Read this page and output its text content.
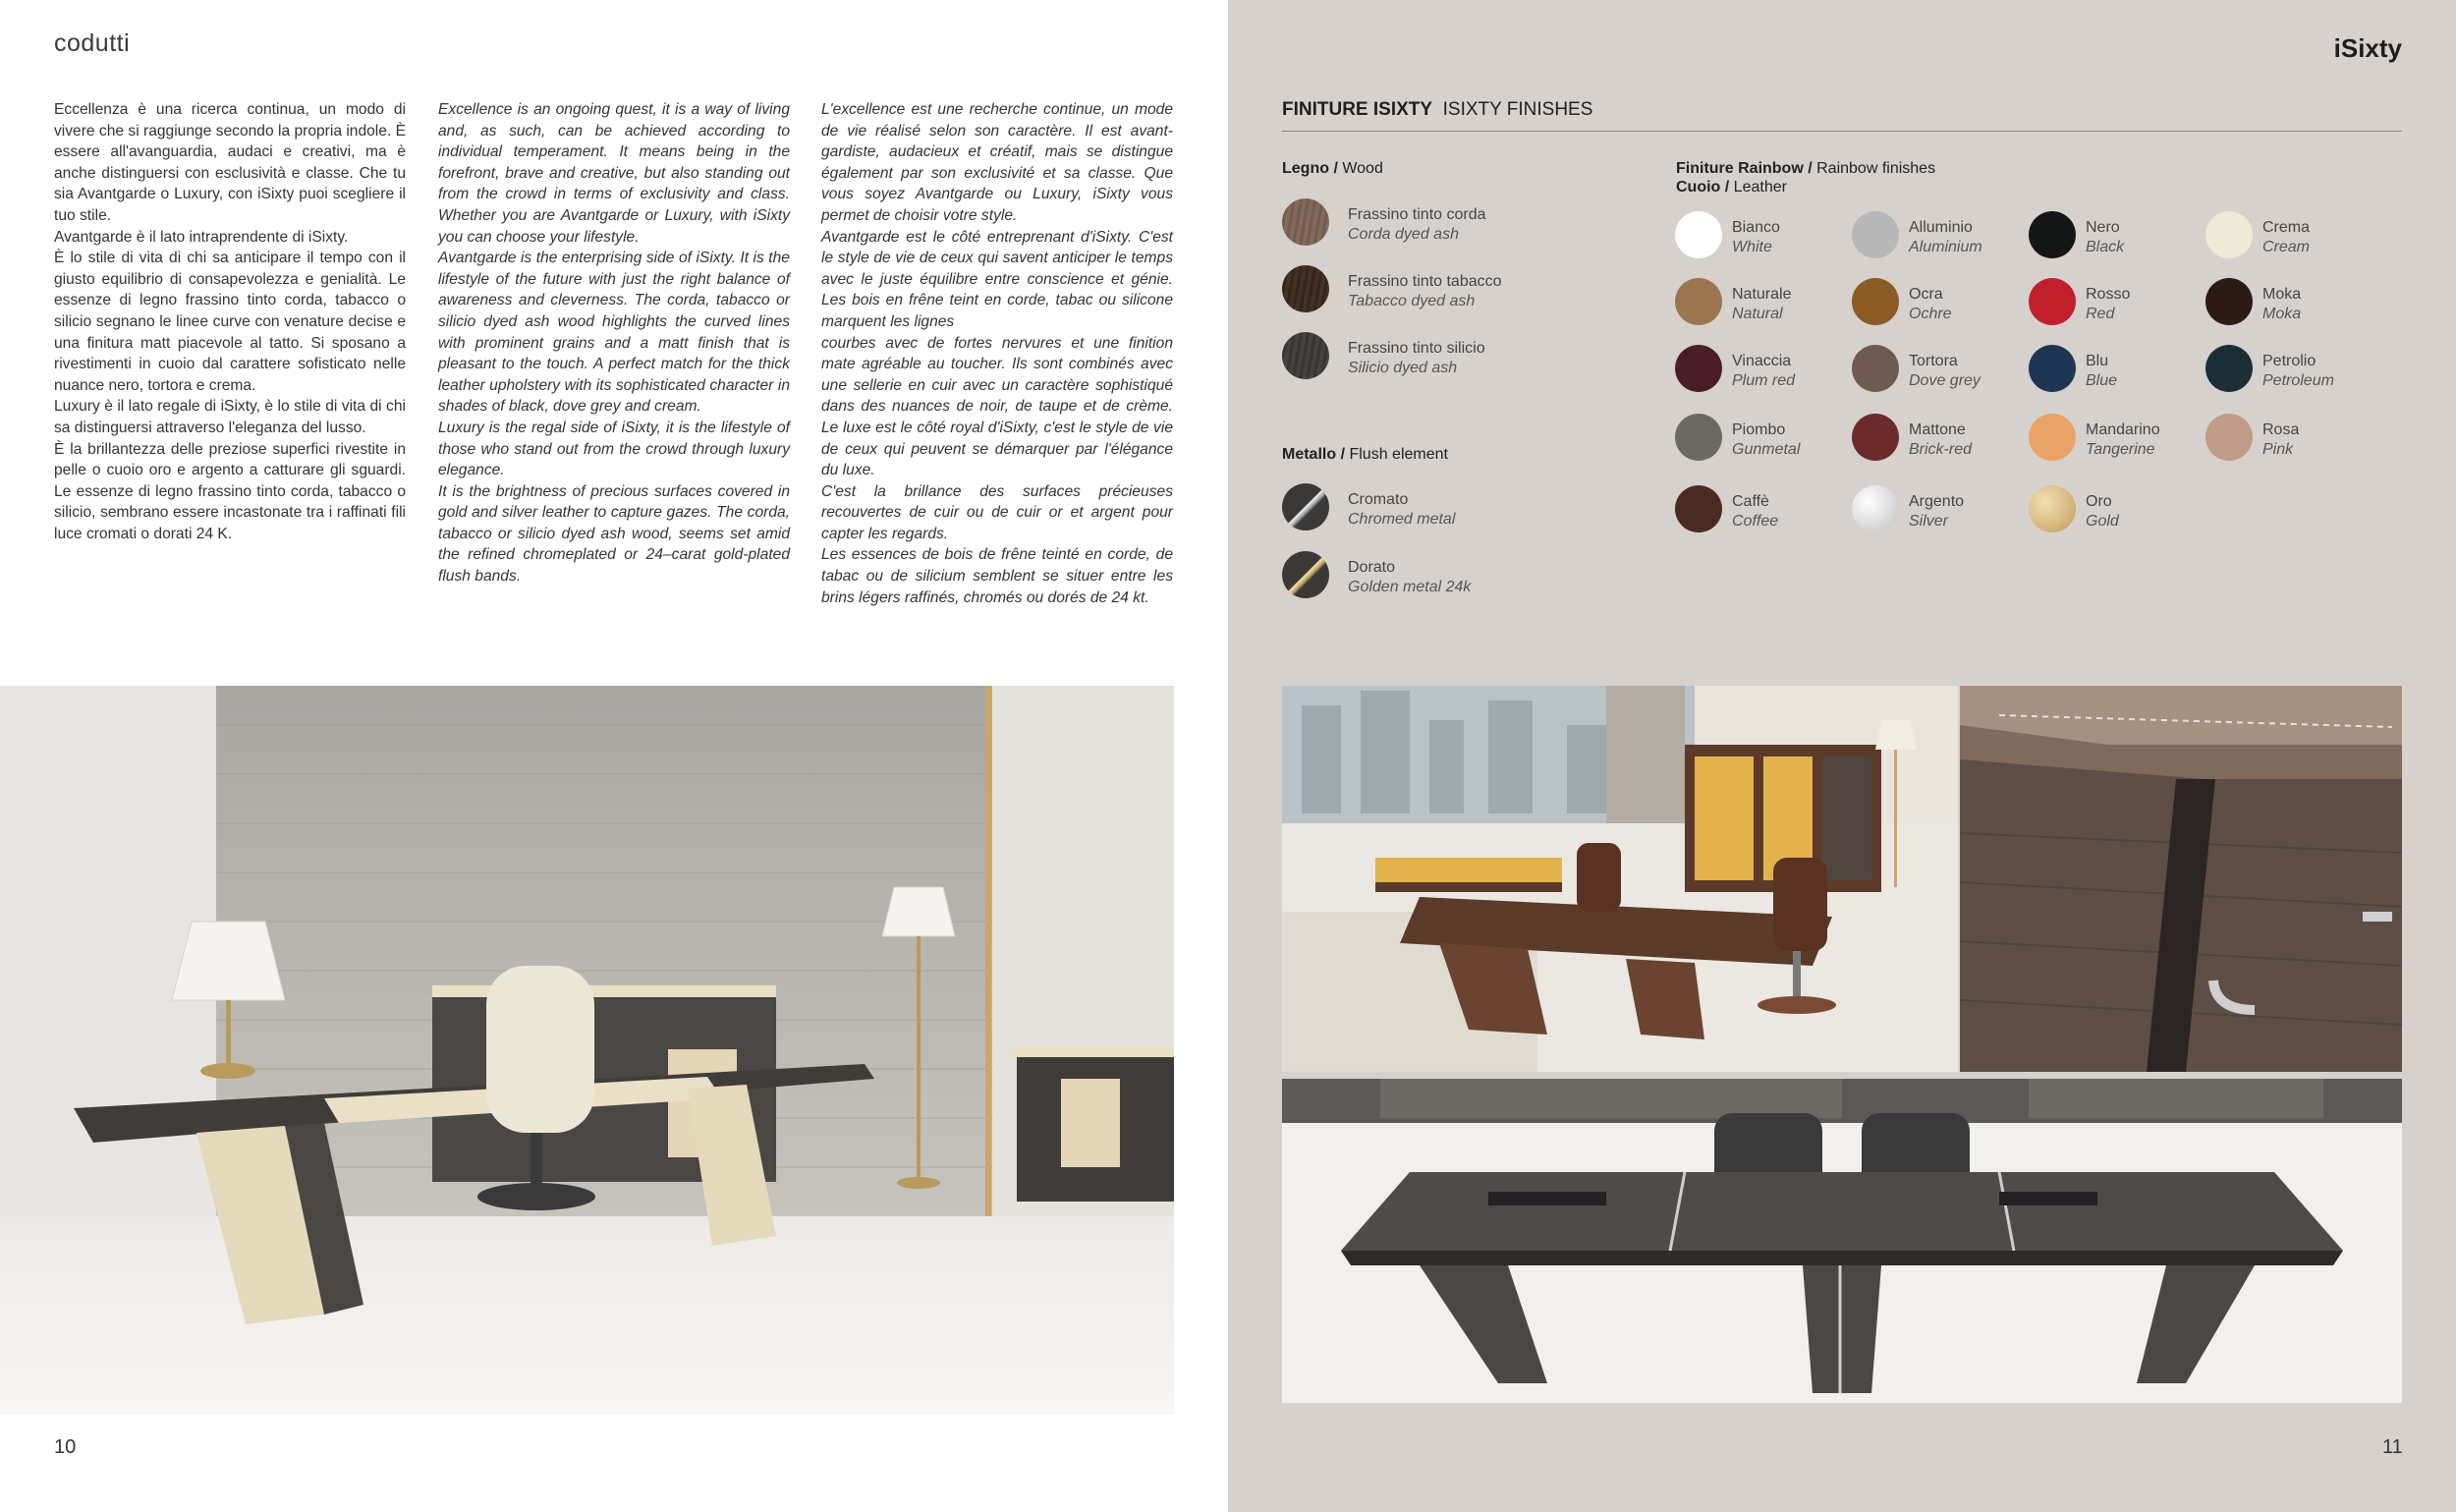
codutti

Eccellenza è una ricerca continua, un modo di vivere che si raggiunge secondo la propria indole. È essere all'avanguardia, audaci e creativi, ma è anche distinguersi con esclusività e classe. Che tu sia Avantgarde o Luxury, con iSixty puoi scegliere il tuo stile.

Avantgarde è il lato intraprendente di iSixty.

È lo stile di vita di chi sa anticipare il tempo con il giusto equilibrio di consapevolezza e genialità. Le essenze di legno frassino tinto corda, tabacco o silicio segnano le linee curve con venature decise e una finitura matt piacevole al tatto. Si sposano a rivestimenti in cuoio dal carattere sofisticato nelle nuance nero, tortora e crema.

Luxury è il lato regale di iSixty, è lo stile di vita di chi sa distinguersi attraverso l'eleganza del lusso.

È la brillantezza delle preziose superfici rivestite in pelle o cuoio oro e argento a catturare gli sguardi. Le essenze di legno frassino tinto corda, tabacco o silicio, sembrano essere incastonate tra i raffinati fili luce cromati o dorati 24 K.

Excellence is an ongoing quest, it is a way of living and, as such, can be achieved according to individual temperament. It means being in the forefront, brave and creative, but also standing out from the crowd in terms of exclusivity and class. Whether you are Avantgarde or Luxury, with iSixty you can choose your lifestyle.

Avantgarde is the enterprising side of iSixty. It is the lifestyle of the future with just the right balance of awareness and cleverness. The corda, tabacco or silicio dyed ash wood highlights the curved lines with prominent grains and a matt finish that is pleasant to the touch. A perfect match for the thick leather upholstery with its sophisticated character in shades of black, dove grey and cream.

Luxury is the regal side of iSixty, it is the lifestyle of those who stand out from the crowd through luxury elegance.

It is the brightness of precious surfaces covered in gold and silver leather to capture gazes. The corda, tabacco or silicio dyed ash wood, seems set amid the refined chromeplated or 24–carat gold-plated flush bands.

L'excellence est une recherche continue, un mode de vie réalisé selon son caractère. Il est avant-gardiste, audacieux et créatif, mais se distingue également par son exclusivité et sa classe. Que vous soyez Avantgarde ou Luxury, iSixty vous permet de choisir votre style.

Avantgarde est le côté entreprenant d'iSixty. C'est le style de vie de ceux qui savent anticiper le temps avec le juste équilibre entre conscience et génie. Les bois en frêne teint en corde, tabac ou silicone marquent les lignes

courbes avec de fortes nervures et une finition mate agréable au toucher. Ils sont combinés avec une sellerie en cuir avec un caractère sophistiqué dans des nuances de noir, de taupe et de crème. Le luxe est le côté royal d'iSixty, c'est le style de vie de ceux qui peuvent se démarquer par l'élégance du luxe.

C'est la brillance des surfaces précieuses recouvertes de cuir ou de cuir or et argent pour capter les regards.

Les essences de bois de frêne teinté en corde, de tabac ou de silicium semblent se situer entre les brins légers raffinés, chromés ou dorés de 24 kt.

10
iSixty
FINITURE ISIXTY ISIXTY FINISHES
Legno / Wood
Frassino tinto corda
Corda dyed ash
Frassino tinto tabacco
Tabacco dyed ash
Frassino tinto silicio
Silicio dyed ash
Metallo / Flush element
Cromato
Chromed metal
Dorato
Golden metal 24k
Finiture Rainbow / Rainbow finishes
Cuoio / Leather
Bianco
White
Alluminio
Aluminium
Nero
Black
Crema
Cream
Naturale
Natural
Ocra
Ochre
Rosso
Red
Moka
Moka
Vinaccia
Plum red
Tortora
Dove grey
Blu
Blue
Petrolio
Petroleum
Piombo
Gunmetal
Mattone
Brick-red
Mandarino
Tangerine
Rosa
Pink
Caffè
Coffee
Argento
Silver
Oro
Gold
11
